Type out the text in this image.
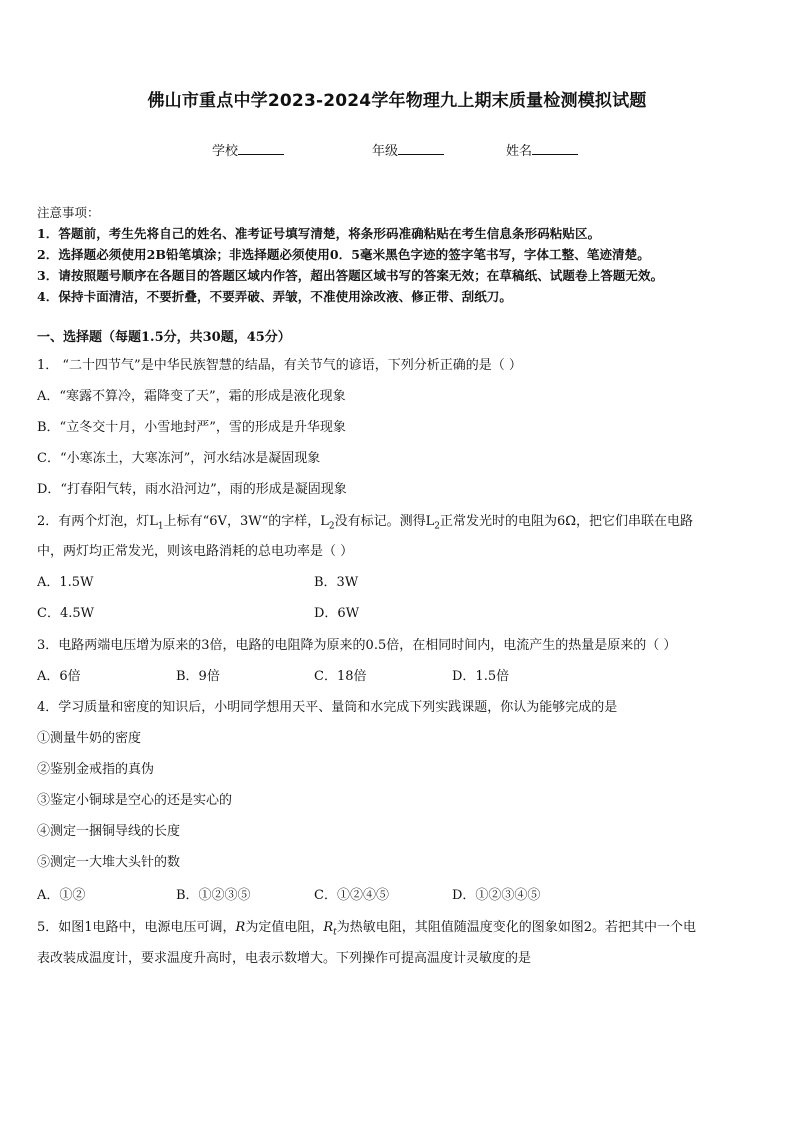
佛山市重点中学2023-2024学年物理九上期末质量检测模拟试题
学校	年级	姓名
注意事项：
1．答题前，考生先将自己的姓名、准考证号填写清楚，将条形码准确粘贴在考生信息条形码粘贴区。
2．选择题必须使用2B铅笔填涂；非选择题必须使用0．5毫米黑色字迹的签字笔书写，字体工整、笔迹清楚。
3．请按照题号顺序在各题目的答题区域内作答，超出答题区域书写的答案无效；在草稿纸、试题卷上答题无效。
4．保持卡面清洁，不要折叠，不要弄破、弄皱，不准使用涂改液、修正带、刮纸刀。
一、选择题（每题1.5分，共30题，45分）
1． “二十四节气”是中华民族智慧的结晶，有关节气的谚语，下列分析正确的是（ ）
A．“寒露不算冷，霜降变了天”，霜的形成是液化现象
B．“立冬交十月，小雪地封严”，雪的形成是升华现象
C．“小寒冻土，大寒冻河”，河水结冰是凝固现象
D．“打春阳气转，雨水沿河边”，雨的形成是凝固现象
2．有两个灯泡，灯$L_1$上标有“6V，3W“的字样，$L_2$没有标记。测得$L_2$正常发光时的电阻为6Ω，把它们串联在电路
中，两灯均正常发光，则该电路消耗的总电功率是（ ）
A．1.5W	B．3W
C．4.5W	D．6W
3．电路两端电压增为原来的3倍，电路的电阻降为原来的0.5倍，在相同时间内，电流产生的热量是原来的（ ）
A．6倍	B．9倍	C．18倍	D．1.5倍
4．学习质量和密度的知识后，小明同学想用天平、量筒和水完成下列实践课题，你认为能够完成的是
①测量牛奶的密度
②鉴别金戒指的真伪
③鉴定小铜球是空心的还是实心的
④测定一捆铜导线的长度
⑤测定一大堆大头针的数
A．①②	B．①②③⑤	C．①②④⑤	D．①②③④⑤
5．如图1电路中，电源电压可调，R为定值电阻，$R_t$为热敏电阻，其阻值随温度变化的图象如图2。若把其中一个电
表改装成温度计，要求温度升高时，电表示数增大。下列操作可提高温度计灵敏度的是
